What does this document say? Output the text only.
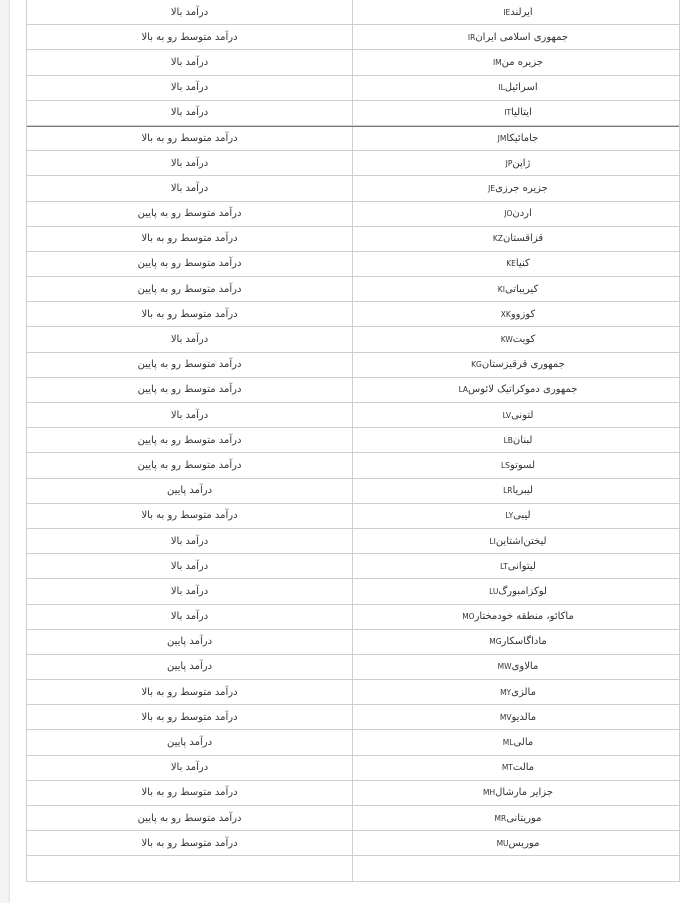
ایرلند
IE
درآمد بالا
جمهوری اسلامی ایران
IR
درآمد متوسط رو به بالا
جزیره من
IM
درآمد بالا
اسرائیل
IL
درآمد بالا
ایتالیا
IT
درآمد بالا
جامائیکا
JM
درآمد متوسط رو به بالا
ژاپن
JP
درآمد بالا
جزیره جرزی
JE
درآمد بالا
اردن
JO
درآمد متوسط رو به پایین
قزاقستان
KZ
درآمد متوسط رو به بالا
کنیا
KE
درآمد متوسط رو به پایین
کیریباتی
KI
درآمد متوسط رو به پایین
کوزوو
XK
درآمد متوسط رو به بالا
کویت
KW
درآمد بالا
جمهوری قرقیزستان
KG
درآمد متوسط رو به پایین
جمهوری دموکراتیک لائوس
LA
درآمد متوسط رو به پایین
لتونی
LV
درآمد بالا
لبنان
LB
درآمد متوسط رو به پایین
لسوتو
LS
درآمد متوسط رو به پایین
لیبریا
LR
درآمد پایین
لیبی
LY
درآمد متوسط رو به بالا
لیختن‌اشتاین
LI
درآمد بالا
لیتوانی
LT
درآمد بالا
لوکزامبورگ
LU
درآمد بالا
ماکائو، منطقه خودمختار
MO
درآمد بالا
ماداگاسکار
MG
درآمد پایین
مالاوی
MW
درآمد پایین
مالزی
MY
درآمد متوسط رو به بالا
مالدیو
MV
درآمد متوسط رو به بالا
مالی
ML
درآمد پایین
مالت
MT
درآمد بالا
جزایر مارشال
MH
درآمد متوسط رو به بالا
موریتانی
MR
درآمد متوسط رو به پایین
موریس
MU
درآمد متوسط رو به بالا
